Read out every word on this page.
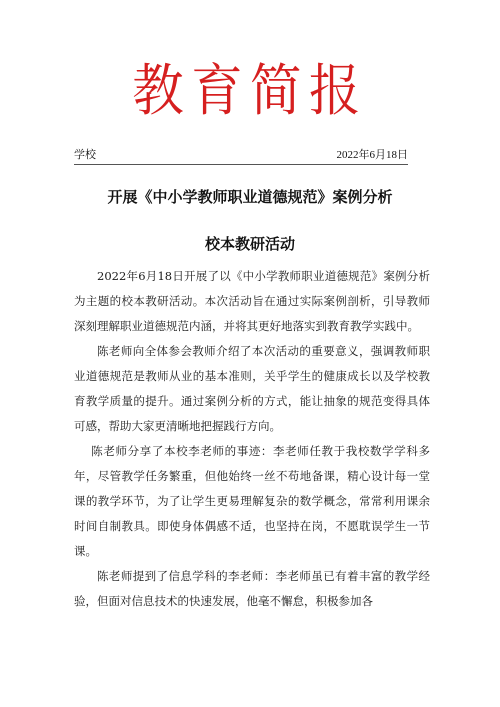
教育简报
学校	2022年6月18日
开展《中小学教师职业道德规范》案例分析
校本教研活动

2022年6月18日开展了以《中小学教师职业道德规范》案例分析为主题的校本教研活动。本次活动旨在通过实际案例剖析，引导教师深刻理解职业道德规范内涵，并将其更好地落实到教育教学实践中。

陈老师向全体参会教师介绍了本次活动的重要意义，强调教师职业道德规范是教师从业的基本准则，关乎学生的健康成长以及学校教育教学质量的提升。通过案例分析的方式，能让抽象的规范变得具体可感，帮助大家更清晰地把握践行方向。

陈老师分享了本校李老师的事迹：李老师任教于我校数学学科多年，尽管教学任务繁重，但他始终一丝不苟地备课，精心设计每一堂课的教学环节，为了让学生更易理解复杂的数学概念，常常利用课余时间自制教具。即使身体偶感不适，也坚持在岗，不愿耽误学生一节课。

陈老师提到了信息学科的李老师：李老师虽已有着丰富的教学经验，但面对信息技术的快速发展，他毫不懈怠，积极参加各
